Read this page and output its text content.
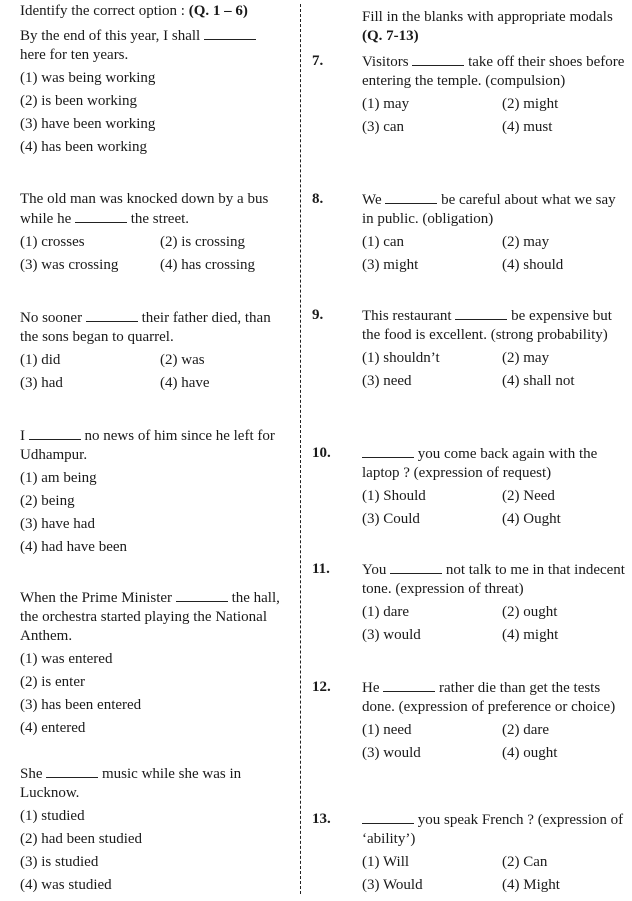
Identify the correct option : (Q. 1 – 6)
By the end of this year, I shall
here for ten years.
(1) was being working
(2) is been working
(3) have been working
(4) has been working
The old man was knocked down by a bus while he	the street.
(1) crosses	(2) is crossing
(3) was crossing	(4) has crossing
No sooner	their father died, than the sons began to quarrel.
(1) did	(2) was
(3) had	(4) have
I	no news of him since he left for Udhampur.
(1) am being
(2) being
(3) have had
(4) had have been
When the Prime Minister	the hall, the orchestra started playing the National Anthem.
(1) was entered
(2) is enter
(3) has been entered
(4) entered
She	music while she was in Lucknow.
(1) studied
(2) had been studied
(3) is studied
(4) was studied
Fill in the blanks with appropriate modals (Q. 7-13)
7.	Visitors	take off their shoes before entering the temple. (compulsion)
(1) may	(2) might
(3) can	(4) must
8.	We	be careful about what we say in public. (obligation)
(1) can	(2) may
(3) might	(4) should
9.	This restaurant	be expensive but the food is excellent. (strong probability)
(1) shouldn’t	(2) may
(3) need	(4) shall not
10.	you come back again with the laptop ? (expression of request)
(1) Should	(2) Need
(3) Could	(4) Ought
11. You	not talk to me in that indecent tone. (expression of threat)
(1) dare	(2) ought
(3) would	(4) might
12. He	rather die than get the tests done. (expression of preference or choice)
(1) need	(2) dare
(3) would	(4) ought
13.	you speak French ? (expression of ‘ability’)
(1) Will	(2) Can
(3) Would	(4) Might
